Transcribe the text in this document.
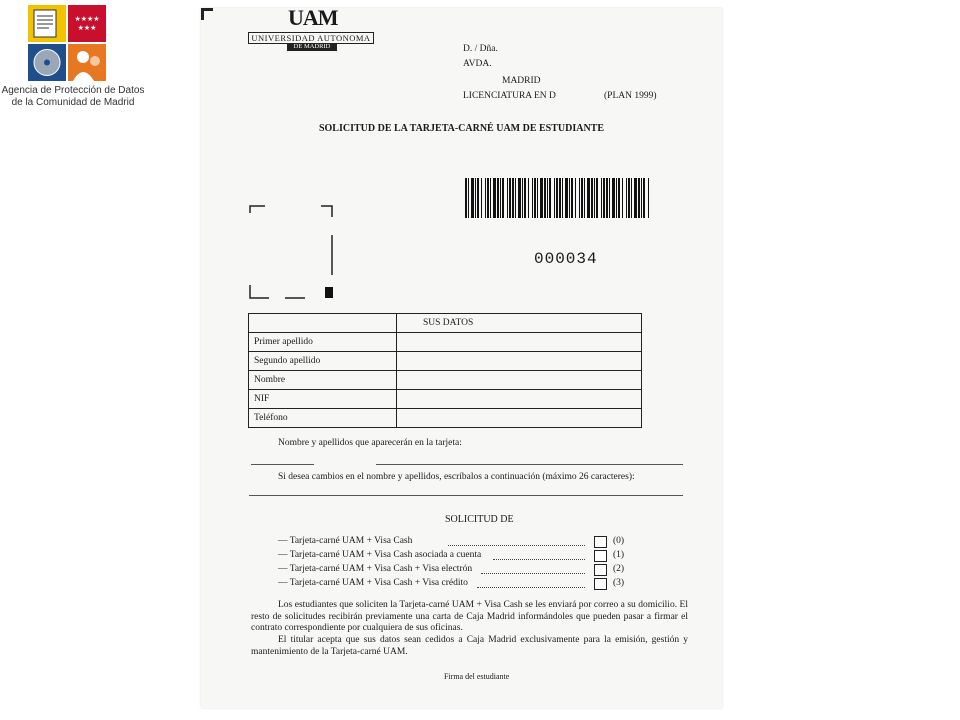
★★★★
★★★
Agencia de Protección de Datos
de la Comunidad de Madrid
UAM
UNIVERSIDAD AUTONOMA
DE MADRID	D. / Dña.
AVDA.
MADRID
LICENCIATURA EN D	(PLAN 1999)
SOLICITUD DE LA TARJETA-CARNÉ UAM DE ESTUDIANTE
000034
	SUS DATOS
Primer apellido	
Segundo apellido	
Nombre	
NIF	
Teléfono	
Nombre y apellidos que aparecerán en la tarjeta:
Si desea cambios en el nombre y apellidos, escríbalos a continuación (máximo 26 caracteres):
SOLICITUD DE
— Tarjeta-carné UAM + Visa Cash	(0)
— Tarjeta-carné UAM + Visa Cash asociada a cuenta	(1)
— Tarjeta-carné UAM + Visa Cash + Visa electrón	(2)
— Tarjeta-carné UAM + Visa Cash + Visa crédito	(3)
Los estudiantes que soliciten la Tarjeta-carné UAM + Visa Cash se les enviará por correo a su domicilio. El resto de solicitudes recibirán previamente una carta de Caja Madrid informándoles que pueden pasar a firmar el contrato correspondiente por cualquiera de sus oficinas.
El titular acepta que sus datos sean cedidos a Caja Madrid exclusivamente para la emisión, gestión y mantenimiento de la Tarjeta-carné UAM.
Firma del estudiante
